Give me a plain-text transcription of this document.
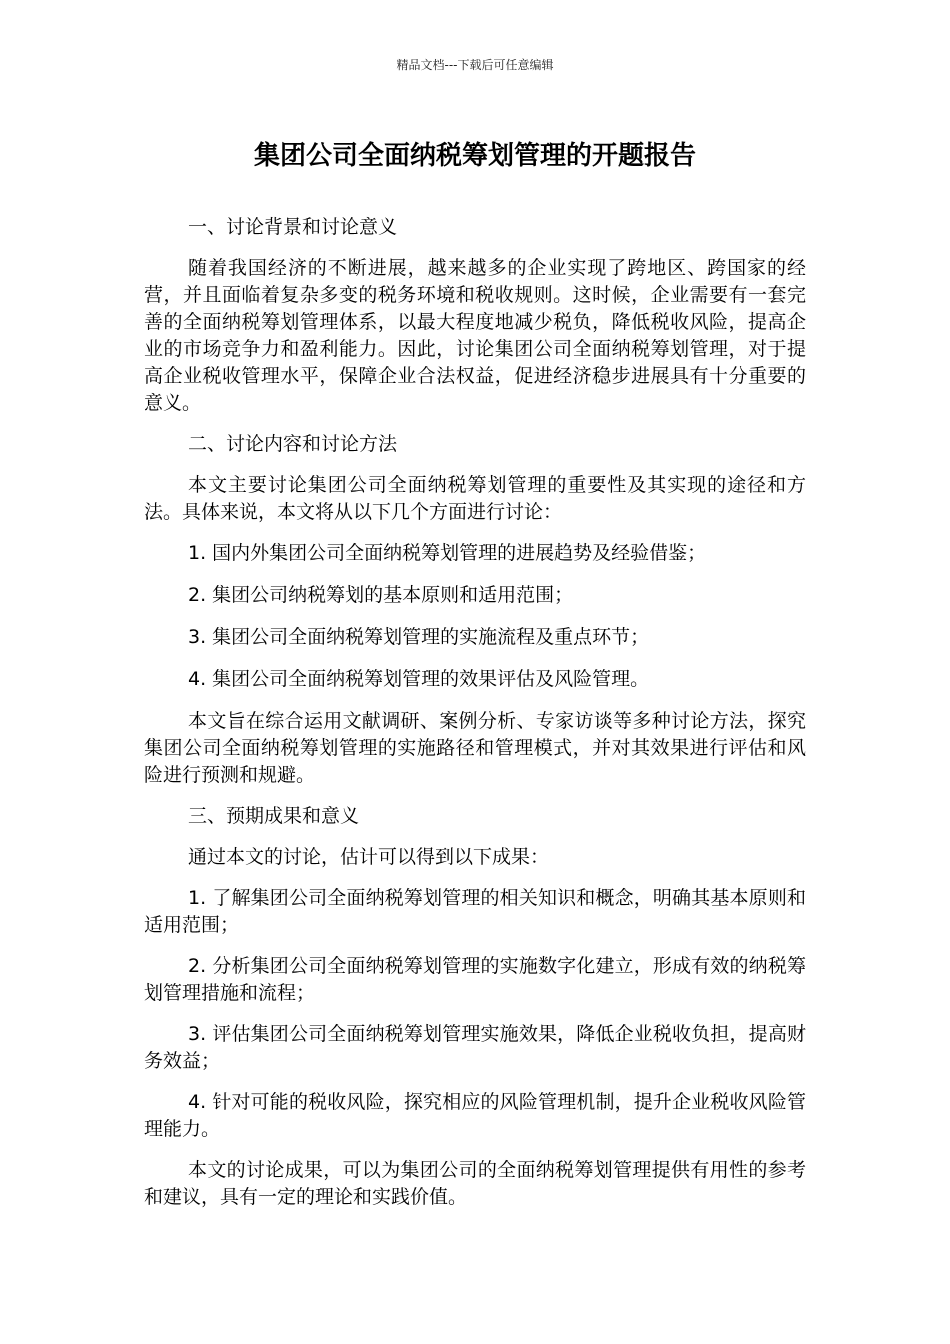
精品文档---下载后可任意编辑
集团公司全面纳税筹划管理的开题报告

一、讨论背景和讨论意义

随着我国经济的不断进展，越来越多的企业实现了跨地区、跨国家的经营，并且面临着复杂多变的税务环境和税收规则。这时候，企业需要有一套完善的全面纳税筹划管理体系，以最大程度地减少税负，降低税收风险，提高企业的市场竞争力和盈利能力。因此，讨论集团公司全面纳税筹划管理，对于提高企业税收管理水平，保障企业合法权益，促进经济稳步进展具有十分重要的意义。

二、讨论内容和讨论方法

本文主要讨论集团公司全面纳税筹划管理的重要性及其实现的途径和方法。具体来说，本文将从以下几个方面进行讨论：

1. 国内外集团公司全面纳税筹划管理的进展趋势及经验借鉴；

2. 集团公司纳税筹划的基本原则和适用范围；

3. 集团公司全面纳税筹划管理的实施流程及重点环节；

4. 集团公司全面纳税筹划管理的效果评估及风险管理。

本文旨在综合运用文献调研、案例分析、专家访谈等多种讨论方法，探究集团公司全面纳税筹划管理的实施路径和管理模式，并对其效果进行评估和风险进行预测和规避。

三、预期成果和意义

通过本文的讨论，估计可以得到以下成果：

1. 了解集团公司全面纳税筹划管理的相关知识和概念，明确其基本原则和适用范围；

2. 分析集团公司全面纳税筹划管理的实施数字化建立，形成有效的纳税筹划管理措施和流程；

3. 评估集团公司全面纳税筹划管理实施效果，降低企业税收负担，提高财务效益；

4. 针对可能的税收风险，探究相应的风险管理机制，提升企业税收风险管理能力。

本文的讨论成果，可以为集团公司的全面纳税筹划管理提供有用性的参考和建议，具有一定的理论和实践价值。
